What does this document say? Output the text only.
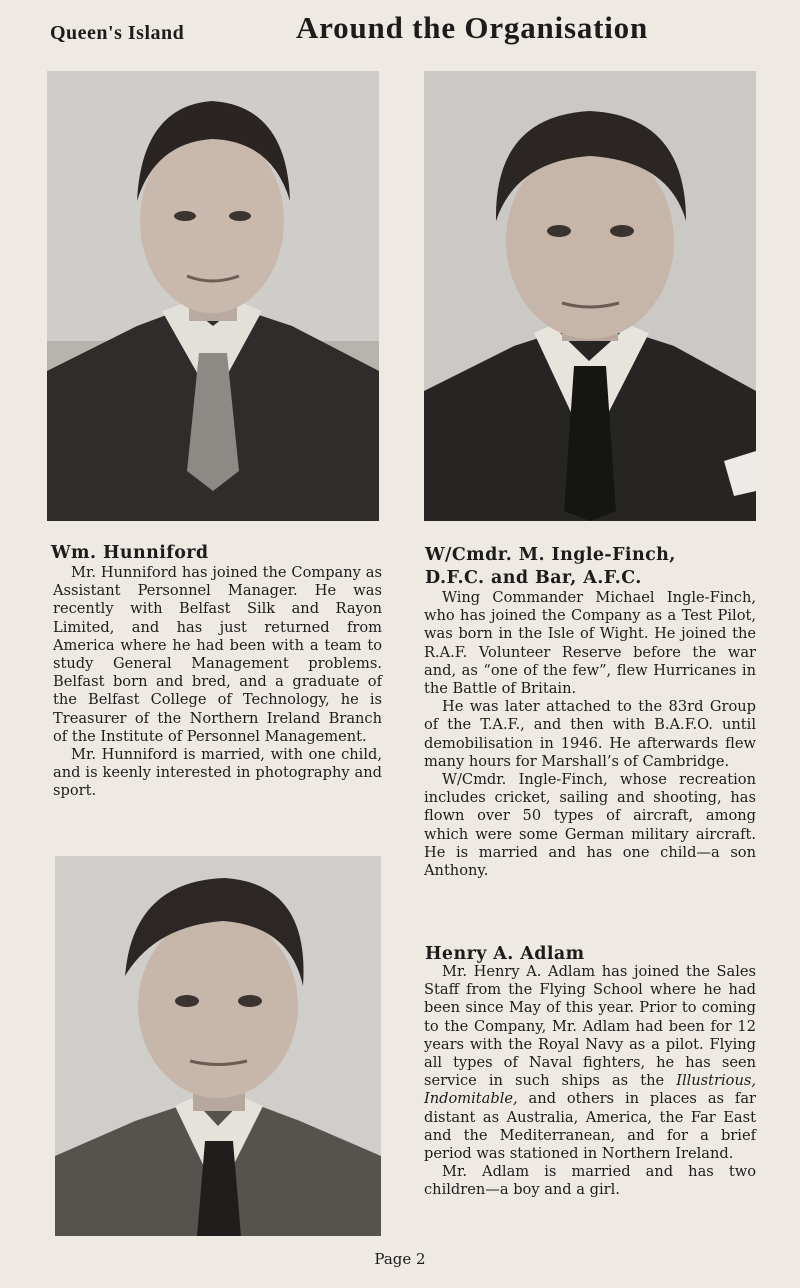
Queen's Island	Around the Organisation
Wm. Hunniford

Mr. Hunniford has joined the Company as Assistant Personnel Manager. He was recently with Belfast Silk and Rayon Limited, and has just returned from America where he had been with a team to study General Management problems. Belfast born and bred, and a graduate of the Belfast College of Technology, he is Treasurer of the Northern Ireland Branch of the Institute of Personnel Management.

Mr. Hunniford is married, with one child, and is keenly interested in photography and sport.

W/Cmdr. M. Ingle-Finch,
D.F.C. and Bar, A.F.C.

Wing Commander Michael Ingle-Finch, who has joined the Company as a Test Pilot, was born in the Isle of Wight. He joined the R.A.F. Volunteer Reserve before the war and, as “one of the few”, flew Hurricanes in the Battle of Britain.

He was later attached to the 83rd Group of the T.A.F., and then with B.A.F.O. until demobilisation in 1946. He afterwards flew many hours for Marshall’s of Cambridge.

W/Cmdr. Ingle-Finch, whose recreation includes cricket, sailing and shooting, has flown over 50 types of aircraft, among which were some German military aircraft. He is married and has one child—a son Anthony.

Henry A. Adlam

Mr. Henry A. Adlam has joined the Sales Staff from the Flying School where he had been since May of this year. Prior to coming to the Company, Mr. Adlam had been for 12 years with the Royal Navy as a pilot. Flying all types of Naval fighters, he has seen service in such ships as the Illustrious, Indomitable, and others in places as far distant as Australia, America, the Far East and the Mediterranean, and for a brief period was stationed in Northern Ireland.

Mr. Adlam is married and has two children—a boy and a girl.

Page 2
